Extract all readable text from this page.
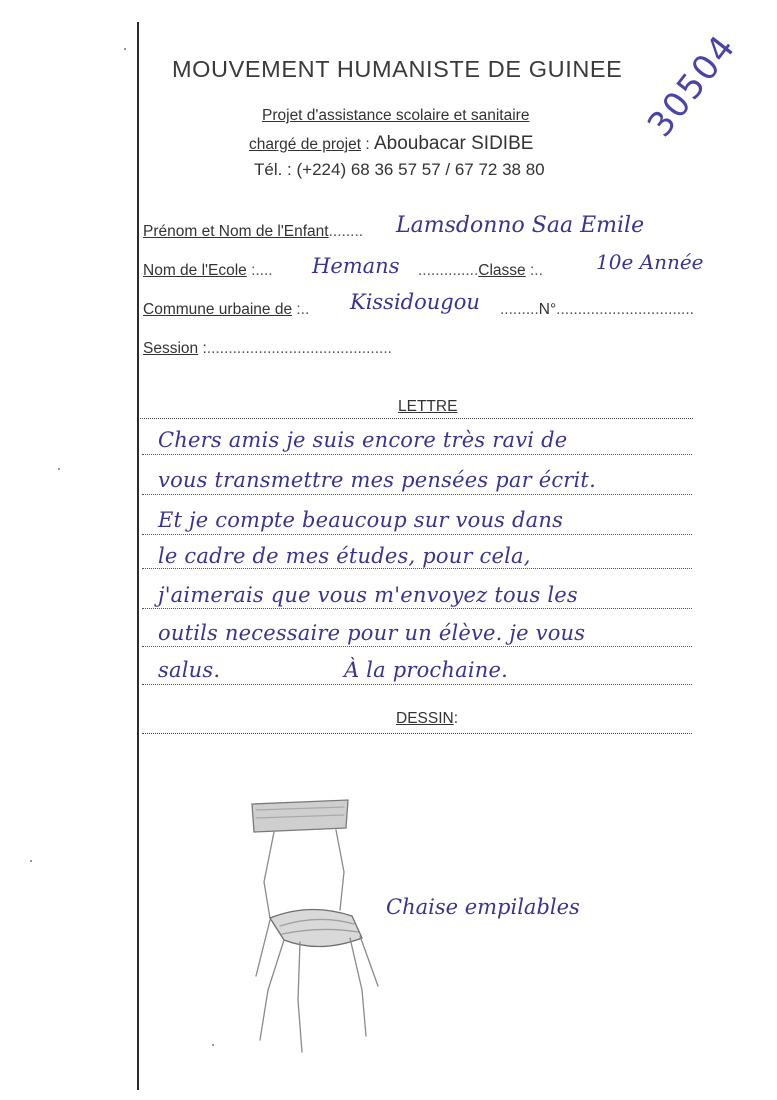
MOUVEMENT HUMANISTE DE GUINEE
Projet d'assistance scolaire et sanitaire
chargé de projet : Aboubacar SIDIBE
Tél. : (+224) 68 36 57 57 / 67 72 38 80
30504
Prénom et Nom de l'Enfant........ Lamsdonno Saa Emile
Nom de l'Ecole :.... Hemans ..............Classe :..	10e Année
Commune urbaine de :.. Kissidougou .........N°................................
Session :...........................................
LETTRE
Chers amis je suis encore très ravi de
vous transmettre mes pensées par écrit.
Et je compte beaucoup sur vous dans
le cadre de mes études, pour cela,
j'aimerais que vous m'envoyez tous les
outils necessaire pour un élève. je vous
salus.                  À la prochaine.
DESSIN:
Chaise empilables
